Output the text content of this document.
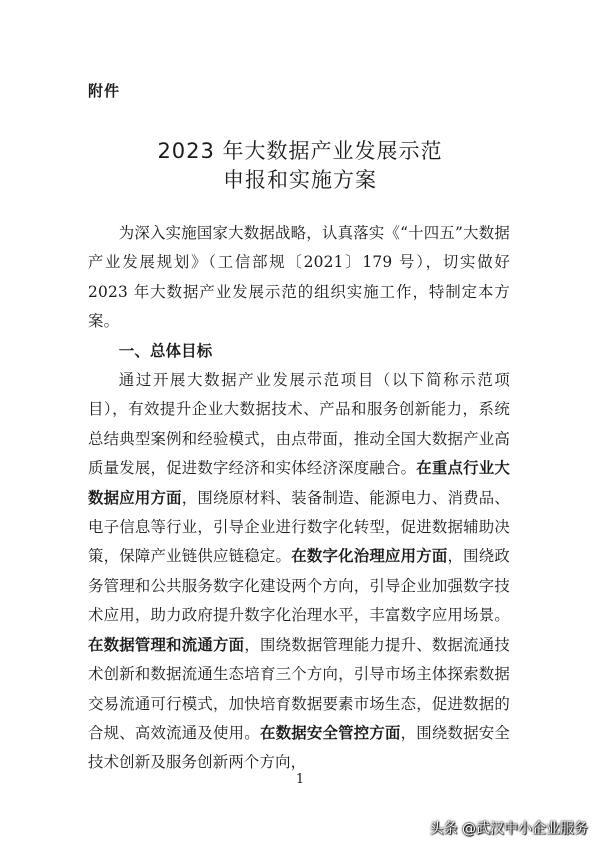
附件
2023 年大数据产业发展示范
申报和实施方案

为深入实施国家大数据战略，认真落实《“十四五”大数据产业发展规划》（工信部规〔2021〕179 号），切实做好 2023 年大数据产业发展示范的组织实施工作，特制定本方案。

一、总体目标

通过开展大数据产业发展示范项目（以下简称示范项目），有效提升企业大数据技术、产品和服务创新能力，系统总结典型案例和经验模式，由点带面，推动全国大数据产业高质量发展，促进数字经济和实体经济深度融合。在重点行业大数据应用方面，围绕原材料、装备制造、能源电力、消费品、电子信息等行业，引导企业进行数字化转型，促进数据辅助决策，保障产业链供应链稳定。在数字化治理应用方面，围绕政务管理和公共服务数字化建设两个方向，引导企业加强数字技术应用，助力政府提升数字化治理水平，丰富数字应用场景。在数据管理和流通方面，围绕数据管理能力提升、数据流通技术创新和数据流通生态培育三个方向，引导市场主体探索数据交易流通可行模式，加快培育数据要素市场生态，促进数据的合规、高效流通及使用。在数据安全管控方面，围绕数据安全技术创新及服务创新两个方向，

1
头条 @武汉中小企业服务
